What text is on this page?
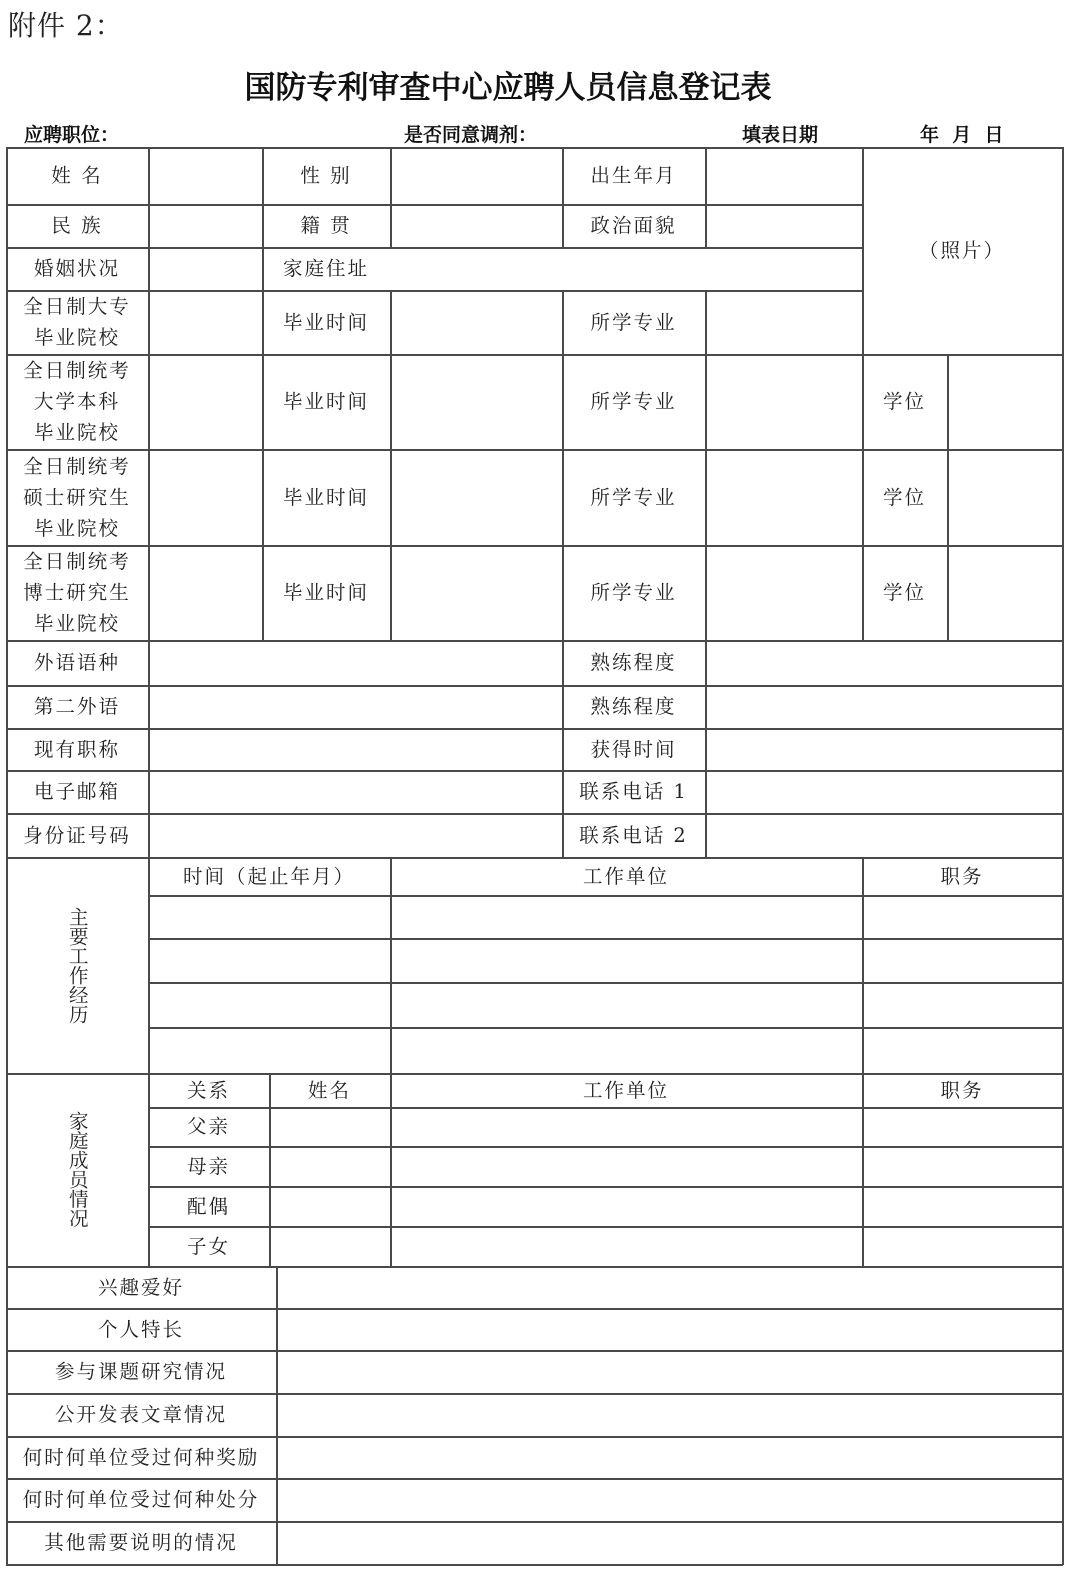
附件 2：
国防专利审查中心应聘人员信息登记表
应聘职位：	是否同意调剂：	填表日期	年  月  日
姓 名	性 别	出生年月
（照片）
民 族	籍 贯	政治面貌
婚姻状况	家庭住址
全日制大专
毕业院校
毕业时间	所学专业
全日制统考
大学本科
毕业院校
毕业时间	所学专业	学位
全日制统考
硕士研究生
毕业院校
毕业时间	所学专业	学位
全日制统考
博士研究生
毕业院校
毕业时间	所学专业	学位
外语语种	熟练程度
第二外语	熟练程度
现有职称	获得时间
电子邮箱	联系电话 1
身份证号码	联系电话 2
主要工作经历
时间（起止年月）	工作单位	职务
家庭成员情况
关系	姓名	工作单位	职务
父亲
母亲
配偶
子女
兴趣爱好
个人特长
参与课题研究情况
公开发表文章情况
何时何单位受过何种奖励
何时何单位受过何种处分
其他需要说明的情况
